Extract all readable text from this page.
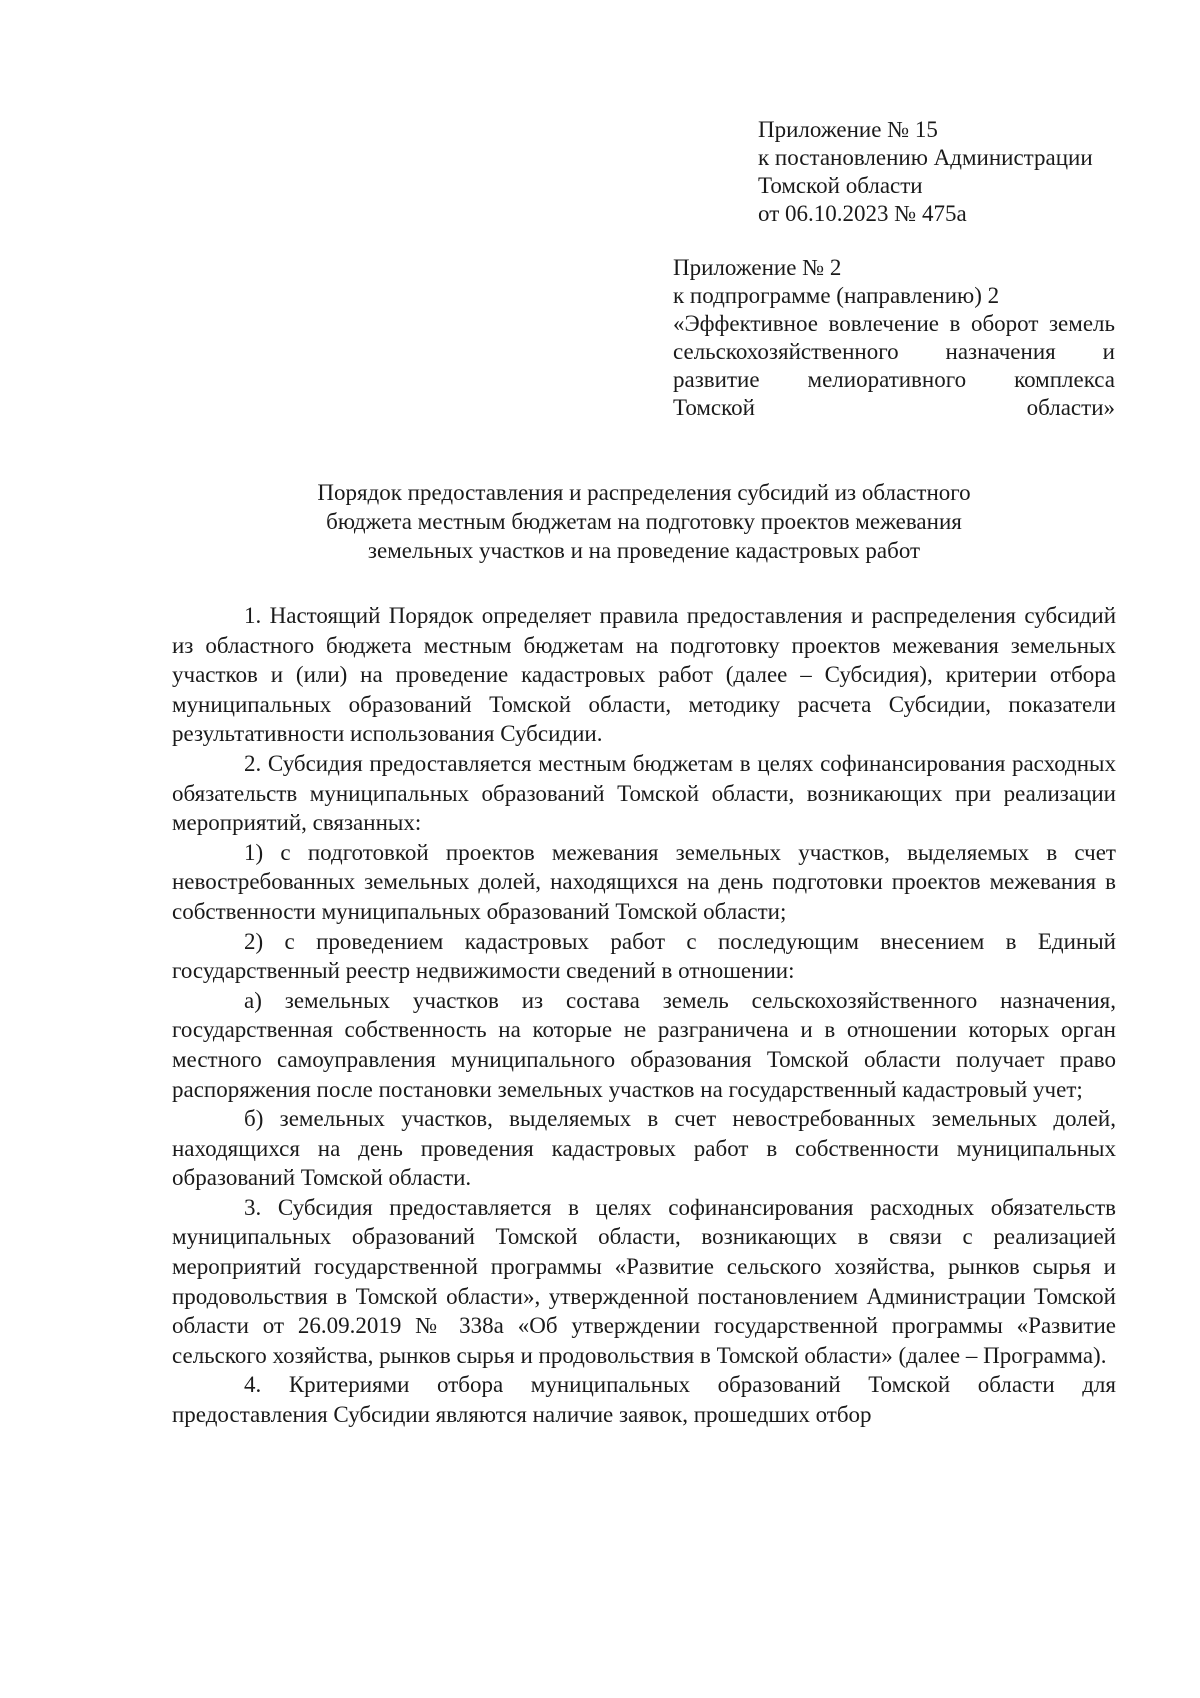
Приложение № 15
к постановлению Администрации
Томской области
от 06.10.2023 № 475а
Приложение № 2
к подпрограмме (направлению) 2
«Эффективное вовлечение в оборот земель сельскохозяйственного назначения и развитие мелиоративного комплекса Томской области»
Порядок предоставления и распределения субсидий из областного
бюджета местным бюджетам на подготовку проектов межевания
земельных участков и на проведение кадастровых работ

1. Настоящий Порядок определяет правила предоставления и распределения субсидий из областного бюджета местным бюджетам на подготовку проектов межевания земельных участков и (или) на проведение кадастровых работ (далее – Субсидия), критерии отбора муниципальных образований Томской области, методику расчета Субсидии, показатели результативности использования Субсидии.

2. Субсидия предоставляется местным бюджетам в целях софинансирования расходных обязательств муниципальных образований Томской области, возникающих при реализации мероприятий, связанных:

1) с подготовкой проектов межевания земельных участков, выделяемых в счет невостребованных земельных долей, находящихся на день подготовки проектов межевания в собственности муниципальных образований Томской области;

2) с проведением кадастровых работ с последующим внесением в Единый государственный реестр недвижимости сведений в отношении:

а) земельных участков из состава земель сельскохозяйственного назначения, государственная собственность на которые не разграничена и в отношении которых орган местного самоуправления муниципального образования Томской области получает право распоряжения после постановки земельных участков на государственный кадастровый учет;

б) земельных участков, выделяемых в счет невостребованных земельных долей, находящихся на день проведения кадастровых работ в собственности муниципальных образований Томской области.

3. Субсидия предоставляется в целях софинансирования расходных обязательств муниципальных образований Томской области, возникающих в связи с реализацией мероприятий государственной программы «Развитие сельского хозяйства, рынков сырья и продовольствия в Томской области», утвержденной постановлением Администрации Томской области от 26.09.2019 № 338а «Об утверждении государственной программы «Развитие сельского хозяйства, рынков сырья и продовольствия в Томской области» (далее – Программа).

4. Критериями отбора муниципальных образований Томской области для предоставления Субсидии являются наличие заявок, прошедших отбор
